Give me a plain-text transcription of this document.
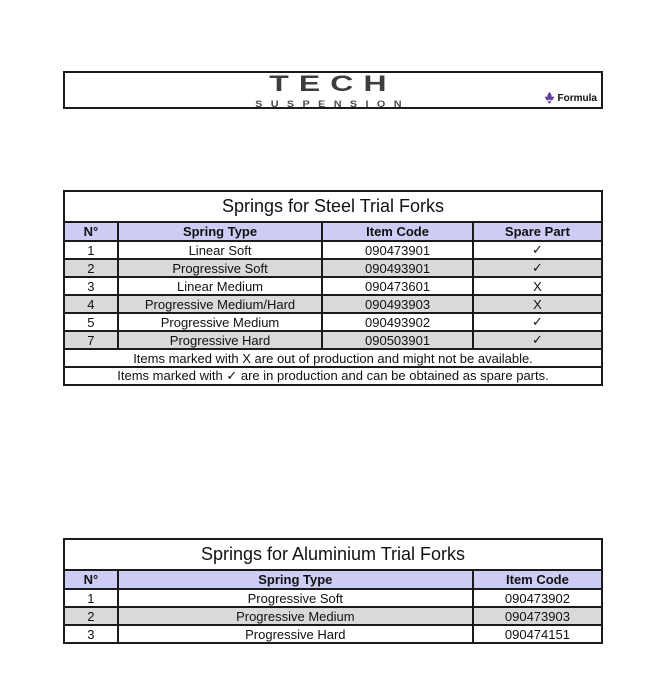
TECH
SUSPENSION	Formula
Springs for Steel Trial Forks			
N°	Spring Type	Item Code	Spare Part
1	Linear Soft	090473901	✓
2	Progressive Soft	090493901	✓
3	Linear Medium	090473601	X
4	Progressive Medium/Hard	090493903	X
5	Progressive Medium	090493902	✓
7	Progressive Hard	090503901	✓
Items marked with X are out of production and might not be available.			
Items marked with ✓ are in production and can be obtained as spare parts.			
Springs for Aluminium Trial Forks		
N°	Spring Type	Item Code
1	Progressive Soft	090473902
2	Progressive Medium	090473903
3	Progressive Hard	090474151
